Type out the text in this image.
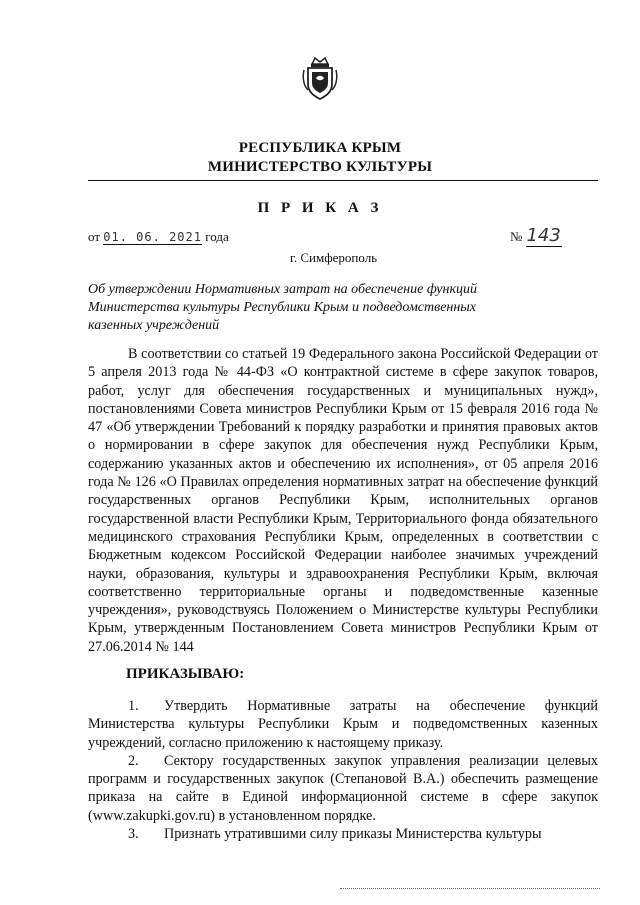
РЕСПУБЛИКА КРЫМ
МИНИСТЕРСТВО КУЛЬТУРЫ
П Р И К А З
от 01. 06. 2021 года	№ 143
г. Симферополь
Об утверждении Нормативных затрат на обеспечение функций Министерства культуры Республики Крым и подведомственных казенных учреждений

В соответствии со статьей 19 Федерального закона Российской Федерации от 5 апреля 2013 года № 44-ФЗ «О контрактной системе в сфере закупок товаров, работ, услуг для обеспечения государственных и муниципальных нужд», постановлениями Совета министров Республики Крым от 15 февраля 2016 года № 47 «Об утверждении Требований к порядку разработки и принятия правовых актов о нормировании в сфере закупок для обеспечения нужд Республики Крым, содержанию указанных актов и обеспечению их исполнения», от 05 апреля 2016 года № 126 «О Правилах определения нормативных затрат на обеспечение функций государственных органов Республики Крым, исполнительных органов государственной власти Республики Крым, Территориального фонда обязательного медицинского страхования Республики Крым, определенных в соответствии с Бюджетным кодексом Российской Федерации наиболее значимых учреждений науки, образования, культуры и здравоохранения Республики Крым, включая соответственно территориальные органы и подведомственные казенные учреждения», руководствуясь Положением о Министерстве культуры Республики Крым, утвержденным Постановлением Совета министров Республики Крым от 27.06.2014 № 144

ПРИКАЗЫВАЮ:

1. Утвердить Нормативные затраты на обеспечение функций Министерства культуры Республики Крым и подведомственных казенных учреждений, согласно приложению к настоящему приказу.

2. Сектору государственных закупок управления реализации целевых программ и государственных закупок (Степановой В.А.) обеспечить размещение приказа на сайте в Единой информационной системе в сфере закупок (www.zakupki.gov.ru) в установленном порядке.

3. Признать утратившими силу приказы Министерства культуры
